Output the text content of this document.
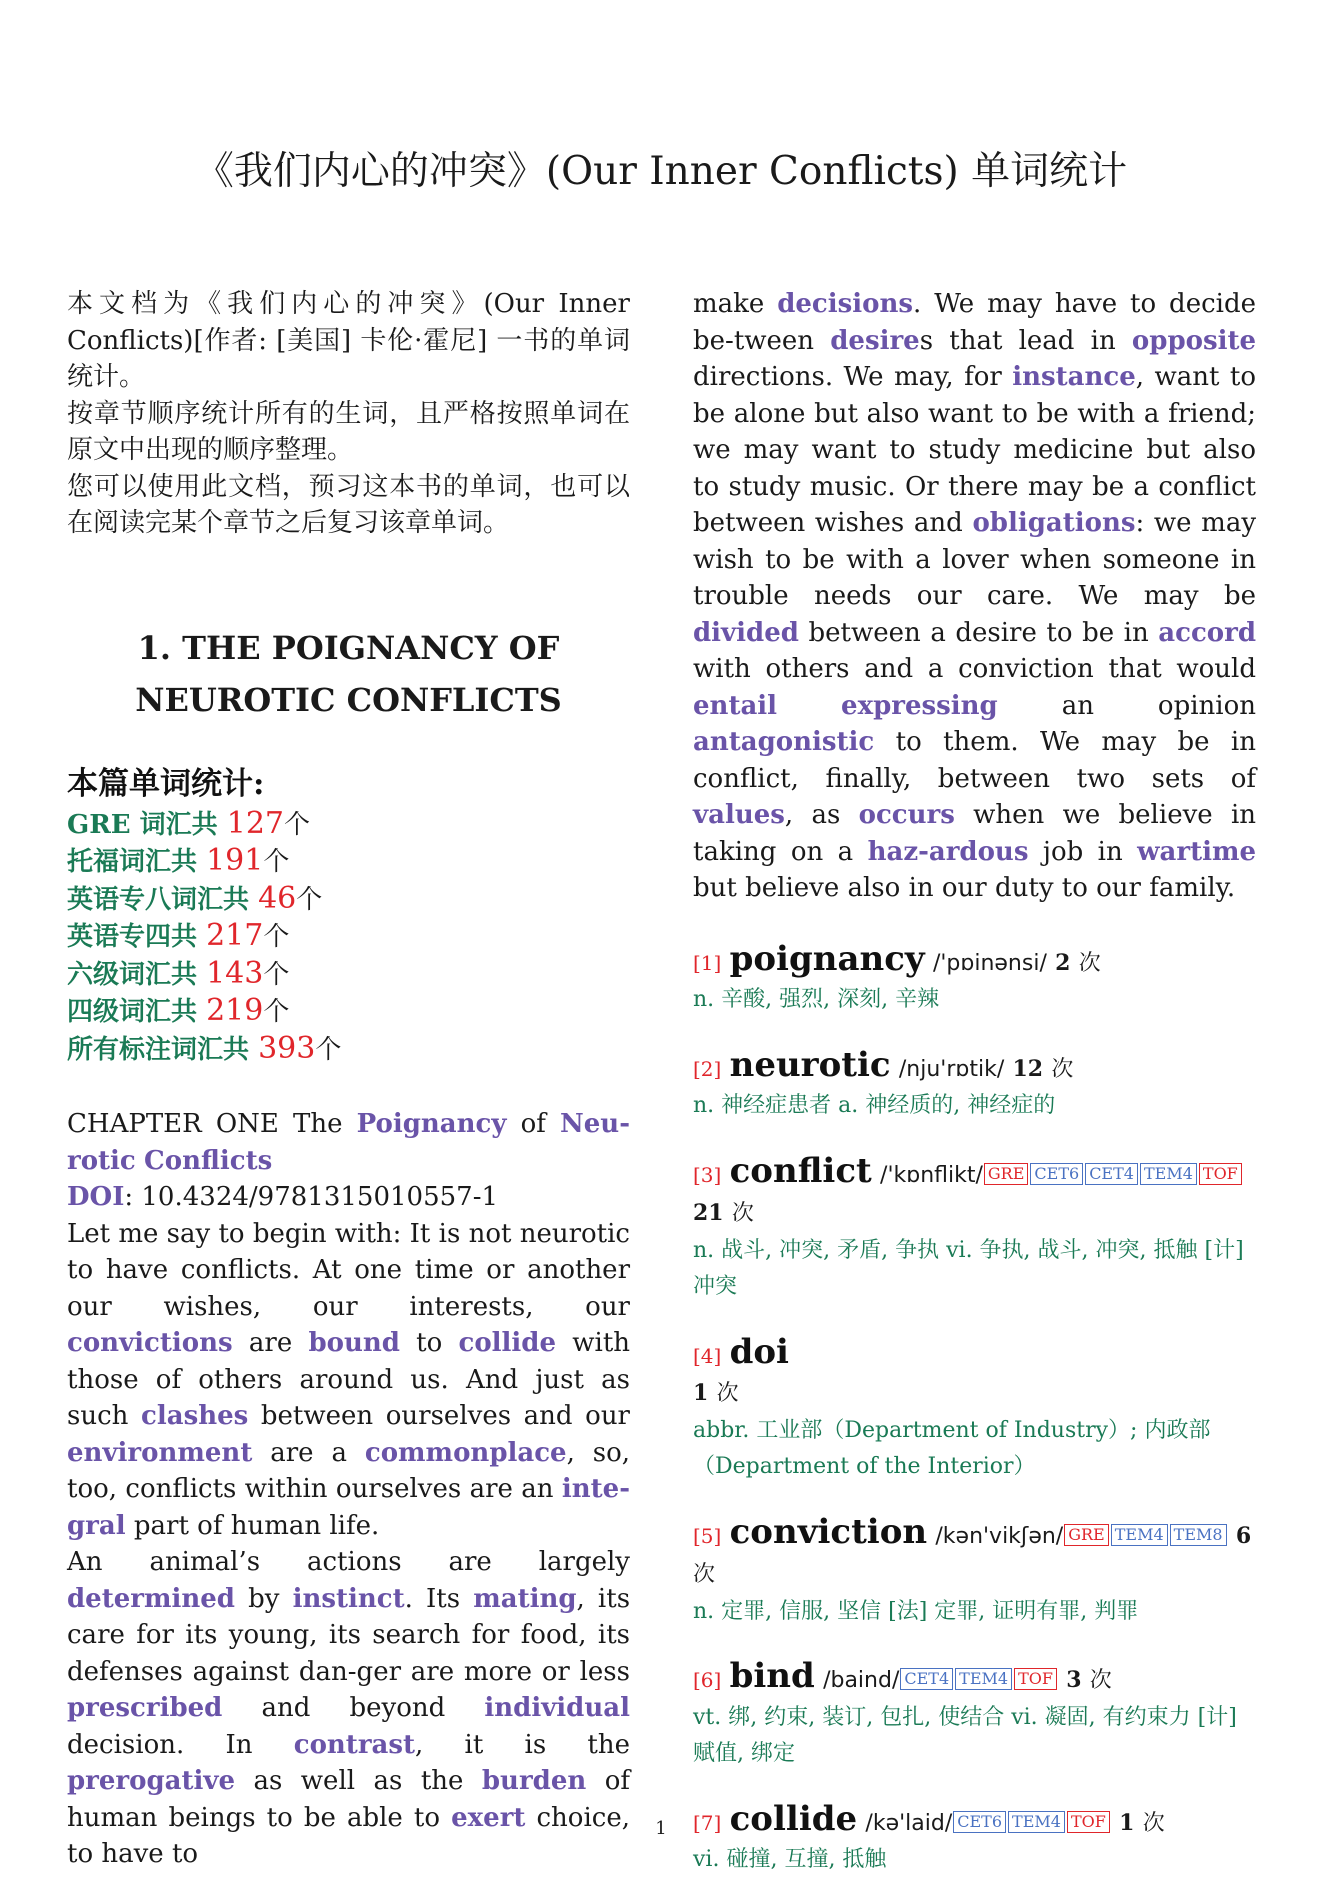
《我们内心的冲突》(Our Inner Conflicts) 单词统计

本文档为《我们内心的冲突》(Our Inner Conflicts)[作者: [美国] 卡伦·霍尼] 一书的单词统计。

按章节顺序统计所有的生词，且严格按照单词在原文中出现的顺序整理。

您可以使用此文档，预习这本书的单词，也可以在阅读完某个章节之后复习该章单词。

1. THE POIGNANCY OF
NEUROTIC CONFLICTS
本篇单词统计:
GRE 词汇共 127个
托福词汇共 191个
英语专八词汇共 46个
英语专四共 217个
六级词汇共 143个
四级词汇共 219个
所有标注词汇共 393个
CHAPTER ONE The Poignancy of Neu-
rotic Conflicts
DOI: 10.4324/9781315010557-1
Let me say to begin with: It is not neurotic to have conflicts. At one time or another our wishes, our interests, our convictions are bound to collide with those of others around us. And just as such clashes between ourselves and our environment are a commonplace, so, too, conflicts within ourselves are an inte-gral part of human life.
An animal’s actions are largely determined by instinct. Its mating, its care for its young, its search for food, its defenses against dan-ger are more or less prescribed and beyond individual decision. In contrast, it is the prerogative as well as the burden of human beings to be able to exert choice, to have to
make decisions. We may have to decide be-tween desires that lead in opposite directions. We may, for instance, want to be alone but also want to be with a friend; we may want to study medicine but also to study music. Or there may be a conflict between wishes and obligations: we may wish to be with a lover when someone in trouble needs our care. We may be divided between a desire to be in accord with others and a conviction that would entail expressing an opinion antagonistic to them. We may be in conflict, finally, between two sets of values, as occurs when we believe in taking on a haz-ardous job in wartime but believe also in our duty to our family.
[1] poignancy /'pɒinənsi/ 2 次
n. 辛酸, 强烈, 深刻, 辛辣
[2] neurotic /nju'rɒtik/ 12 次
n. 神经症患者 a. 神经质的, 神经症的
[3] conflict /'kɒnflikt/ GRE CET6 CET4 TEM4 TOF 21 次
n. 战斗, 冲突, 矛盾, 争执 vi. 争执, 战斗, 冲突, 抵触 [计] 冲突
[4] doi
1 次
abbr. 工业部（Department of Industry）; 内政部（Department of the Interior）
[5] conviction /kən'vikʃən/ GRE TEM4 TEM8 6 次
n. 定罪, 信服, 坚信 [法] 定罪, 证明有罪, 判罪
[6] bind /baind/ CET4 TEM4 TOF 3 次
vt. 绑, 约束, 装订, 包扎, 使结合 vi. 凝固, 有约束力 [计] 赋值, 绑定
[7] collide /kə'laid/ CET6 TEM4 TOF 1 次
vi. 碰撞, 互撞, 抵触
1
